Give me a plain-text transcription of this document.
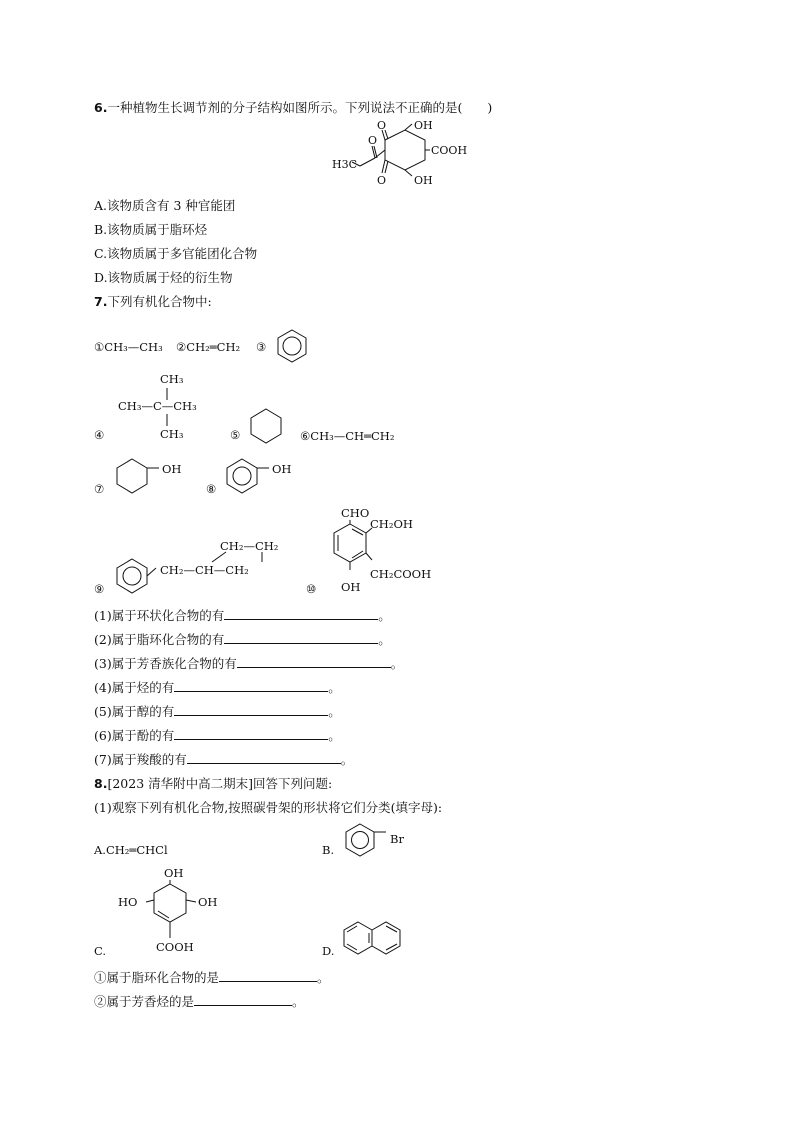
6.一种植物生长调节剂的分子结构如图所示。下列说法不正确的是(　　)
O	OH
COOH
O	OH
O
H3C
A.该物质含有 3 种官能团
B.该物质属于脂环烃
C.该物质属于多官能团化合物
D.该物质属于烃的衍生物
7.下列有机化合物中:
①CH₃—CH₃ ②CH₂═CH₂ ③
④
CH₃
CH₃—C—CH₃
CH₃	⑤	⑥CH₃—CH═CH₂
⑦
OH
⑧
OH
⑨
CH₂—CH₂
CH₂—CH—CH₂
⑩
CHO
CH₂OH
CH₂COOH
OH
(1)属于环状化合物的有	。
(2)属于脂环化合物的有	。
(3)属于芳香族化合物的有	。
(4)属于烃的有	。
(5)属于醇的有	。
(6)属于酚的有	。
(7)属于羧酸的有	。
8.[2023 清华附中高二期末]回答下列问题:
(1)观察下列有机化合物,按照碳骨架的形状将它们分类(填字母):
A.CH₂═CHCl	B.
Br
OH
HO	OH
COOH
C.	D.
①属于脂环化合物的是	。
②属于芳香烃的是	。
